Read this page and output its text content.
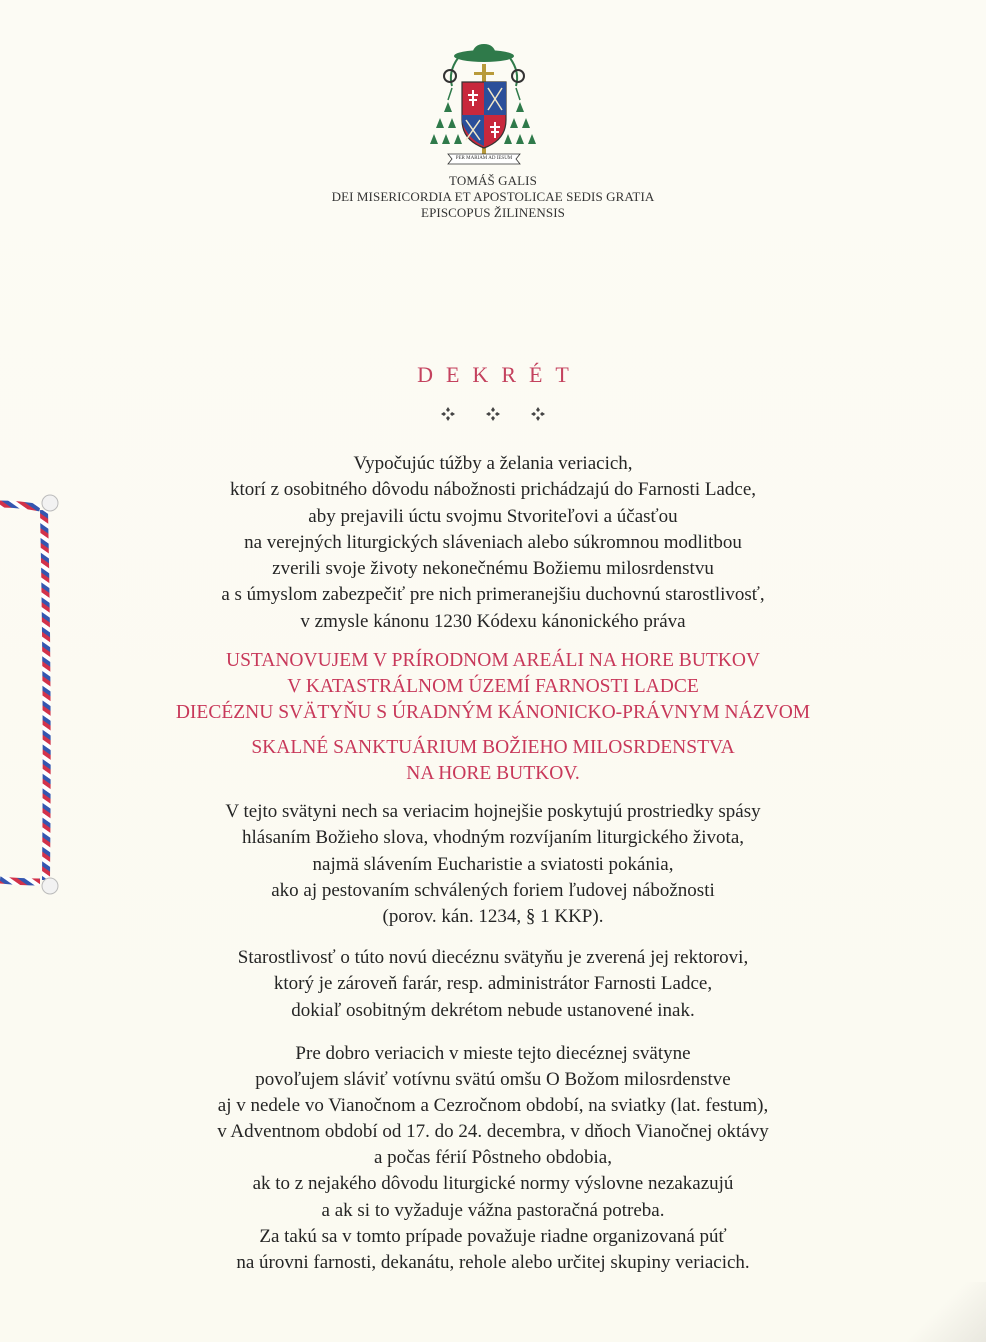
PER MARIAM AD IESUM
TOMÁŠ GALIS
DEI MISERICORDIA ET APOSTOLICAE SEDIS GRATIA
EPISCOPUS ŽILINENSIS
DEKRÉT
Vypočujúc túžby a želania veriacich,
ktorí z osobitného dôvodu nábožnosti prichádzajú do Farnosti Ladce,
aby prejavili úctu svojmu Stvoriteľovi a účasťou
na verejných liturgických sláveniach alebo súkromnou modlitbou
zverili svoje životy nekonečnému Božiemu milosrdenstvu
a s úmyslom zabezpečiť pre nich primeranejšiu duchovnú starostlivosť,
v zmysle kánonu 1230 Kódexu kánonického práva
USTANOVUJEM V PRÍRODNOM AREÁLI NA HORE BUTKOV
V KATASTRÁLNOM ÚZEMÍ FARNOSTI LADCE
DIECÉZNU SVÄTYŇU S ÚRADNÝM KÁNONICKO-PRÁVNYM NÁZVOM
SKALNÉ SANKTUÁRIUM BOŽIEHO MILOSRDENSTVA
NA HORE BUTKOV.
V tejto svätyni nech sa veriacim hojnejšie poskytujú prostriedky spásy
hlásaním Božieho slova, vhodným rozvíjaním liturgického života,
najmä slávením Eucharistie a sviatosti pokánia,
ako aj pestovaním schválených foriem ľudovej nábožnosti
(porov. kán. 1234, § 1 KKP).
Starostlivosť o túto novú diecéznu svätyňu je zverená jej rektorovi,
ktorý je zároveň farár, resp. administrátor Farnosti Ladce,
dokiaľ osobitným dekrétom nebude ustanovené inak.
Pre dobro veriacich v mieste tejto diecéznej svätyne
povoľujem sláviť votívnu svätú omšu O Božom milosrdenstve
aj v nedele vo Vianočnom a Cezročnom období, na sviatky (lat. festum),
v Adventnom období od 17. do 24. decembra, v dňoch Vianočnej oktávy
a počas férií Pôstneho obdobia,
ak to z nejakého dôvodu liturgické normy výslovne nezakazujú
a ak si to vyžaduje vážna pastoračná potreba.
Za takú sa v tomto prípade považuje riadne organizovaná púť
na úrovni farnosti, dekanátu, rehole alebo určitej skupiny veriacich.
